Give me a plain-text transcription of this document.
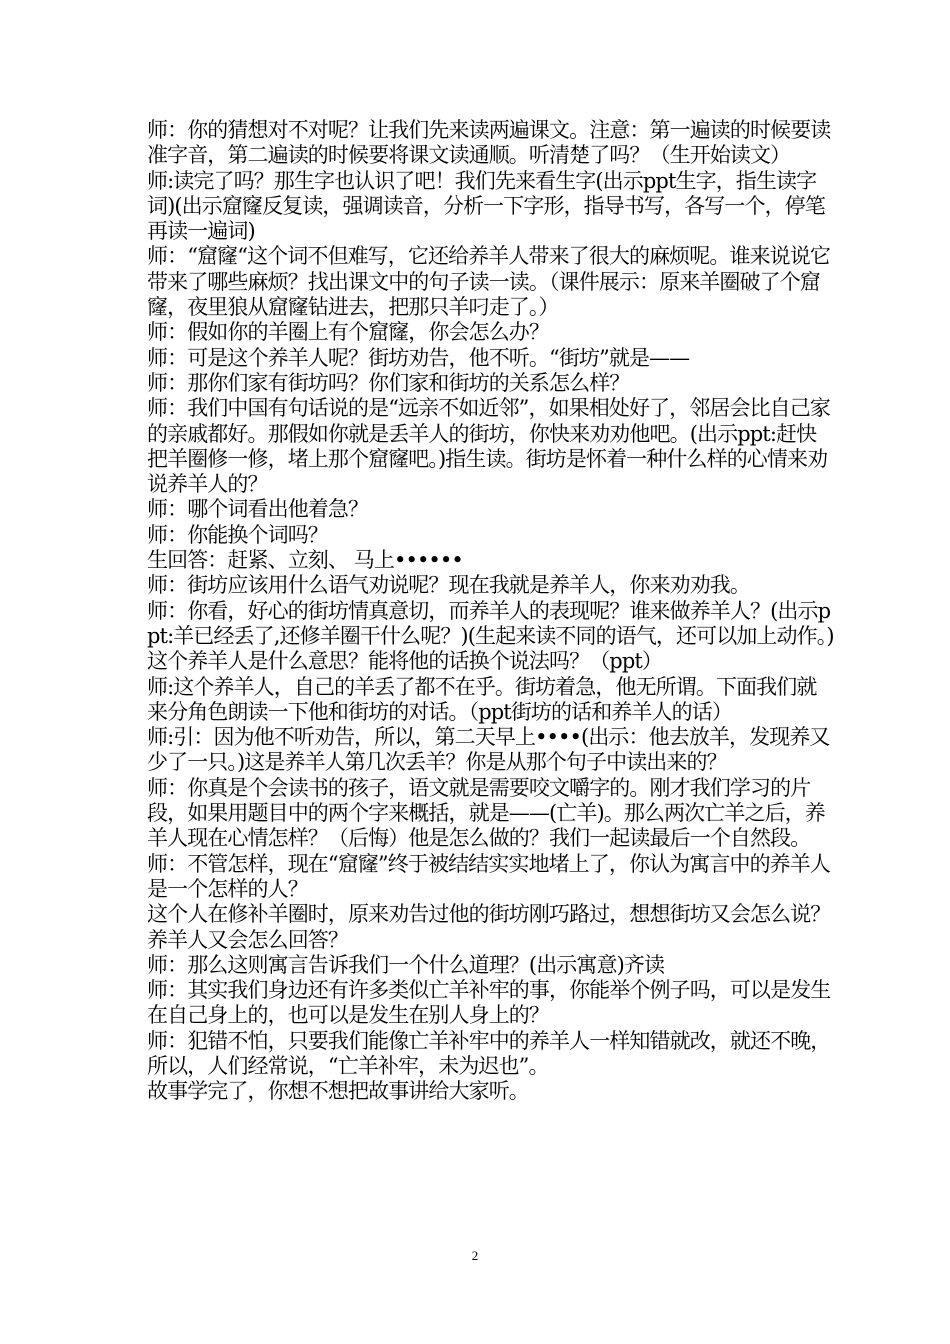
师：你的猜想对不对呢？让我们先来读两遍课文。注意：第一遍读的时候要读准字音，第二遍读的时候要将课文读通顺。听清楚了吗？（生开始读文）

师:读完了吗？那生字也认识了吧！我们先来看生字(出示ppt生字，指生读字词)(出示窟窿反复读，强调读音，分析一下字形，指导书写，各写一个，停笔再读一遍词)

师：“窟窿“这个词不但难写，它还给养羊人带来了很大的麻烦呢。谁来说说它带来了哪些麻烦？找出课文中的句子读一读。（课件展示：原来羊圈破了个窟窿，夜里狼从窟窿钻进去，把那只羊叼走了。）

师：假如你的羊圈上有个窟窿，你会怎么办？

师：可是这个养羊人呢？街坊劝告，他不听。“街坊”就是——

师：那你们家有街坊吗？你们家和街坊的关系怎么样？

师：我们中国有句话说的是“远亲不如近邻”，如果相处好了，邻居会比自己家的亲戚都好。那假如你就是丢羊人的街坊，你快来劝劝他吧。(出示ppt:赶快把羊圈修一修，堵上那个窟窿吧。)指生读。街坊是怀着一种什么样的心情来劝说养羊人的？

师：哪个词看出他着急？

师：你能换个词吗？

生回答：赶紧、立刻、 马上••••••

师：街坊应该用什么语气劝说呢？现在我就是养羊人，你来劝劝我。

师：你看，好心的街坊情真意切，而养羊人的表现呢？谁来做养羊人？(出示ppt:羊已经丢了,还修羊圈干什么呢？)(生起来读不同的语气，还可以加上动作。)这个养羊人是什么意思？能将他的话换个说法吗？（ppt）

师:这个养羊人，自己的羊丢了都不在乎。街坊着急，他无所谓。下面我们就来分角色朗读一下他和街坊的对话。（ppt街坊的话和养羊人的话）

师:引：因为他不听劝告，所以，第二天早上••••(出示：他去放羊，发现养又少了一只。)这是养羊人第几次丢羊？你是从那个句子中读出来的？

师：你真是个会读书的孩子，语文就是需要咬文嚼字的。刚才我们学习的片段，如果用题目中的两个字来概括，就是——(亡羊)。那么两次亡羊之后，养羊人现在心情怎样？（后悔）他是怎么做的？我们一起读最后一个自然段。

师：不管怎样，现在“窟窿”终于被结结实实地堵上了，你认为寓言中的养羊人是一个怎样的人？

这个人在修补羊圈时，原来劝告过他的街坊刚巧路过，想想街坊又会怎么说？养羊人又会怎么回答？

师：那么这则寓言告诉我们一个什么道理？(出示寓意)齐读

师：其实我们身边还有许多类似亡羊补牢的事，你能举个例子吗，可以是发生在自己身上的，也可以是发生在别人身上的？

师：犯错不怕，只要我们能像亡羊补牢中的养羊人一样知错就改，就还不晚，所以，人们经常说，“亡羊补牢，未为迟也”。

故事学完了，你想不想把故事讲给大家听。

2
